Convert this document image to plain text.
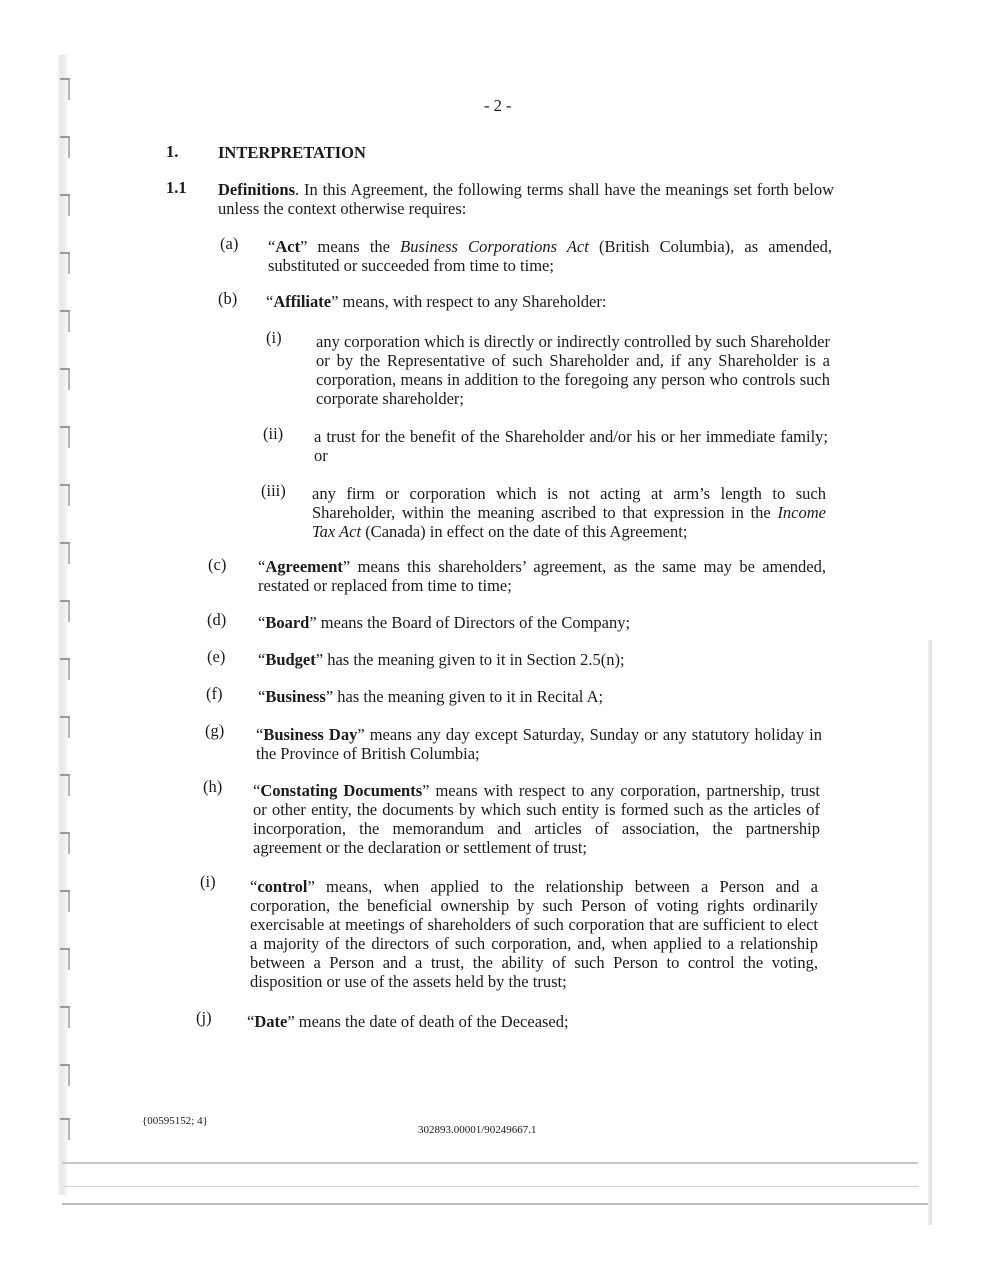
- 2 -
1. INTERPRETATION
1.1 Definitions. In this Agreement, the following terms shall have the meanings set forth below unless the context otherwise requires:
(a) “Act” means the Business Corporations Act (British Columbia), as amended, substituted or succeeded from time to time;
(b) “Affiliate” means, with respect to any Shareholder:
(i) any corporation which is directly or indirectly controlled by such Shareholder or by the Representative of such Shareholder and, if any Shareholder is a corporation, means in addition to the foregoing any person who controls such corporate shareholder;
(ii) a trust for the benefit of the Shareholder and/or his or her immediate family; or
(iii) any firm or corporation which is not acting at arm’s length to such Shareholder, within the meaning ascribed to that expression in the Income Tax Act (Canada) in effect on the date of this Agreement;
(c) “Agreement” means this shareholders’ agreement, as the same may be amended, restated or replaced from time to time;
(d) “Board” means the Board of Directors of the Company;
(e) “Budget” has the meaning given to it in Section 2.5(n);
(f) “Business” has the meaning given to it in Recital A;
(g) “Business Day” means any day except Saturday, Sunday or any statutory holiday in the Province of British Columbia;
(h) “Constating Documents” means with respect to any corporation, partnership, trust or other entity, the documents by which such entity is formed such as the articles of incorporation, the memorandum and articles of association, the partnership agreement or the declaration or settlement of trust;
(i) “control” means, when applied to the relationship between a Person and a corporation, the beneficial ownership by such Person of voting rights ordinarily exercisable at meetings of shareholders of such corporation that are sufficient to elect a majority of the directors of such corporation, and, when applied to a relationship between a Person and a trust, the ability of such Person to control the voting, disposition or use of the assets held by the trust;
(j) “Date” means the date of death of the Deceased;
{00595152; 4}
302893.00001/90249667.1
